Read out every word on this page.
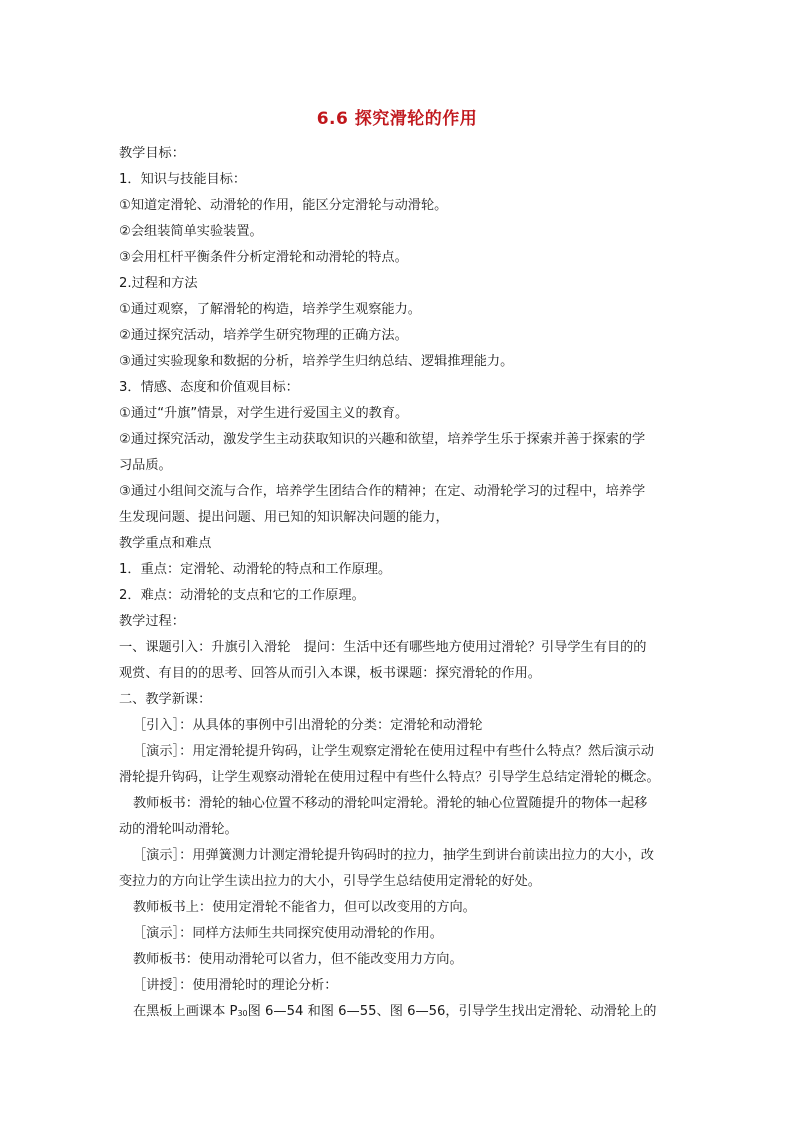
6.6 探究滑轮的作用
教学目标：
1．知识与技能目标：
①知道定滑轮、动滑轮的作用，能区分定滑轮与动滑轮。
②会组装简单实验装置。
③会用杠杆平衡条件分析定滑轮和动滑轮的特点。
2.过程和方法
①通过观察，了解滑轮的构造，培养学生观察能力。
②通过探究活动，培养学生研究物理的正确方法。
③通过实验现象和数据的分析，培养学生归纳总结、逻辑推理能力。
3．情感、态度和价值观目标：
①通过“升旗”情景，对学生进行爱国主义的教育。
②通过探究活动，激发学生主动获取知识的兴趣和欲望，培养学生乐于探索并善于探索的学
习品质。
③通过小组间交流与合作，培养学生团结合作的精神；在定、动滑轮学习的过程中，培养学
生发现问题、提出问题、用已知的知识解决问题的能力，
教学重点和难点
1．重点：定滑轮、动滑轮的特点和工作原理。
2．难点：动滑轮的支点和它的工作原理。
教学过程：
一、课题引入：升旗引入滑轮　提问：生活中还有哪些地方使用过滑轮？引导学生有目的的
观赏、有目的的思考、回答从而引入本课，板书课题：探究滑轮的作用。
二、教学新课：
［引入］：从具体的事例中引出滑轮的分类：定滑轮和动滑轮
［演示］：用定滑轮提升钩码，让学生观察定滑轮在使用过程中有些什么特点？然后演示动
滑轮提升钩码，让学生观察动滑轮在使用过程中有些什么特点？引导学生总结定滑轮的概念。
教师板书：滑轮的轴心位置不移动的滑轮叫定滑轮。滑轮的轴心位置随提升的物体一起移
动的滑轮叫动滑轮。
［演示］：用弹簧测力计测定滑轮提升钩码时的拉力，抽学生到讲台前读出拉力的大小，改
变拉力的方向让学生读出拉力的大小，引导学生总结使用定滑轮的好处。
教师板书上：使用定滑轮不能省力，但可以改变用的方向。
［演示］：同样方法师生共同探究使用动滑轮的作用。
教师板书：使用动滑轮可以省力，但不能改变用力方向。
［讲授］：使用滑轮时的理论分析：
在黑板上画课本 $P_{30}$图 6—54 和图 6—55、图 6—56，引导学生找出定滑轮、动滑轮上的
